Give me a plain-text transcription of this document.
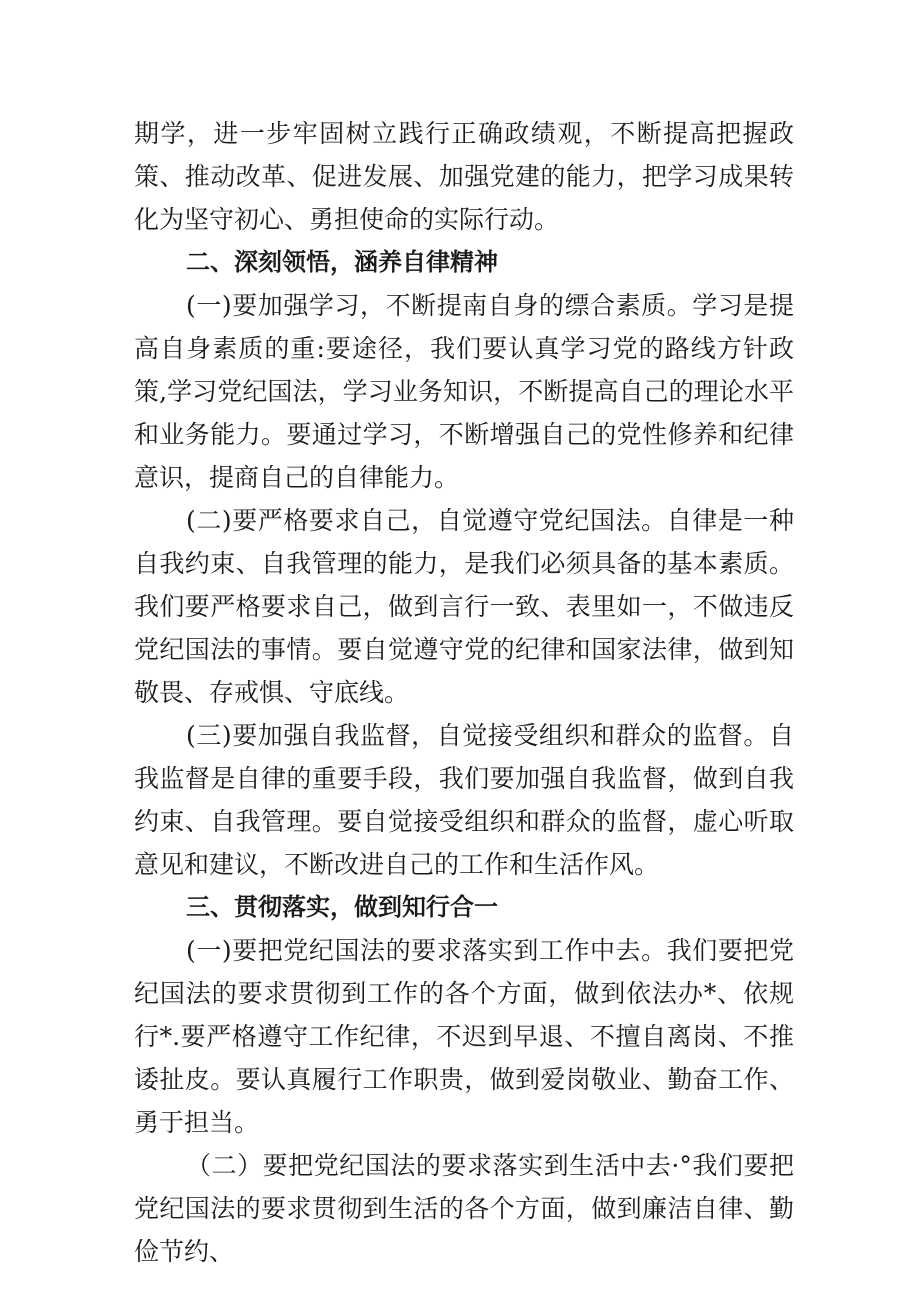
期学，进一步牢固树立践行正确政绩观，不断提高把握政策、推动改革、促进发展、加强党建的能力，把学习成果转化为坚守初心、勇担使命的实际行动。

二、深刻领悟，涵养自律精神

(一)要加强学习，不断提南自身的缥合素质。学习是提高自身素质的重:要途径，我们要认真学习党的路线方针政策,学习党纪国法，学习业务知识，不断提高自己的理论水平和业务能力。要通过学习，不断增强自己的党性修养和纪律意识，提商自己的自律能力。

(二)要严格要求自己，自觉遵守党纪国法。自律是一种自我约束、自我管理的能力，是我们必须具备的基本素质。我们要严格要求自己，做到言行一致、表里如一，不做违反党纪国法的事情。要自觉遵守党的纪律和国家法律，做到知敬畏、存戒惧、守底线。

(三)要加强自我监督，自觉接受组织和群众的监督。自我监督是自律的重要手段，我们要加强自我监督，做到自我约束、自我管理。要自觉接受组织和群众的监督，虚心听取意见和建议，不断改进自己的工作和生活作风。

三、贯彻落实，做到知行合一

(一)要把党纪国法的要求落实到工作中去。我们要把党纪国法的要求贯彻到工作的各个方面，做到依法办*、依规行*.要严格遵守工作纪律，不迟到早退、不擅自离岗、不推诿扯皮。要认真履行工作职贵，做到爱岗敬业、勤奋工作、勇于担当。

（二）要把党纪国法的要求落实到生活中去·°我们要把党纪国法的要求贯彻到生活的各个方面，做到廉洁自律、勤俭节约、
